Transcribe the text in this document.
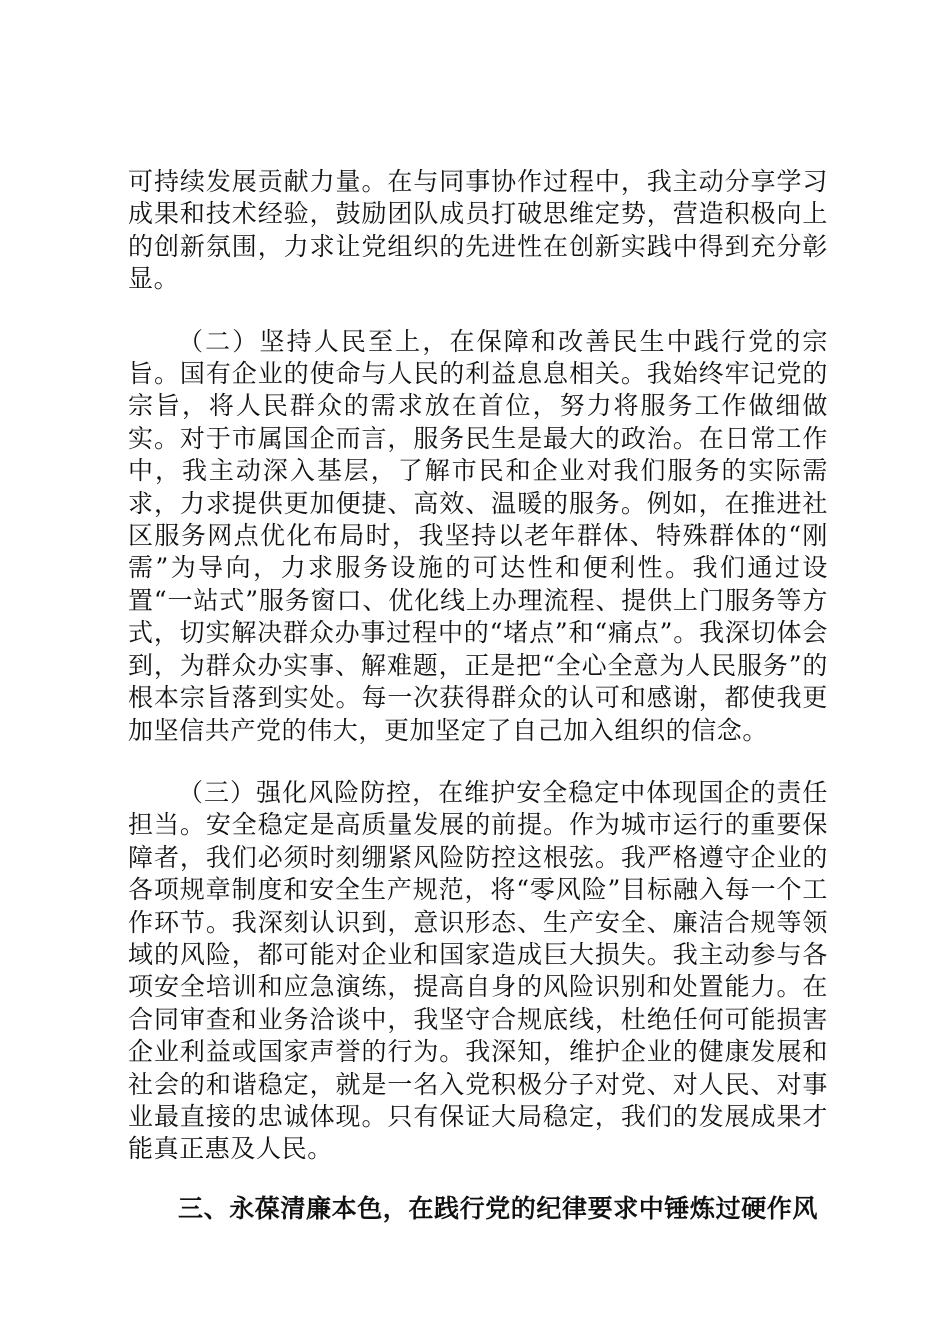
可持续发展贡献力量。在与同事协作过程中，我主动分享学习成果和技术经验，鼓励团队成员打破思维定势，营造积极向上的创新氛围，力求让党组织的先进性在创新实践中得到充分彰显。

（二）坚持人民至上，在保障和改善民生中践行党的宗旨。国有企业的使命与人民的利益息息相关。我始终牢记党的宗旨，将人民群众的需求放在首位，努力将服务工作做细做实。对于市属国企而言，服务民生是最大的政治。在日常工作中，我主动深入基层，了解市民和企业对我们服务的实际需求，力求提供更加便捷、高效、温暖的服务。例如，在推进社区服务网点优化布局时，我坚持以老年群体、特殊群体的“刚需”为导向，力求服务设施的可达性和便利性。我们通过设置“一站式”服务窗口、优化线上办理流程、提供上门服务等方式，切实解决群众办事过程中的“堵点”和“痛点”。我深切体会到，为群众办实事、解难题，正是把“全心全意为人民服务”的根本宗旨落到实处。每一次获得群众的认可和感谢，都使我更加坚信共产党的伟大，更加坚定了自己加入组织的信念。

（三）强化风险防控，在维护安全稳定中体现国企的责任担当。安全稳定是高质量发展的前提。作为城市运行的重要保障者，我们必须时刻绷紧风险防控这根弦。我严格遵守企业的各项规章制度和安全生产规范，将“零风险”目标融入每一个工作环节。我深刻认识到，意识形态、生产安全、廉洁合规等领域的风险，都可能对企业和国家造成巨大损失。我主动参与各项安全培训和应急演练，提高自身的风险识别和处置能力。在合同审查和业务洽谈中，我坚守合规底线，杜绝任何可能损害企业利益或国家声誉的行为。我深知，维护企业的健康发展和社会的和谐稳定，就是一名入党积极分子对党、对人民、对事业最直接的忠诚体现。只有保证大局稳定，我们的发展成果才能真正惠及人民。

三、永葆清廉本色，在践行党的纪律要求中锤炼过硬作风
